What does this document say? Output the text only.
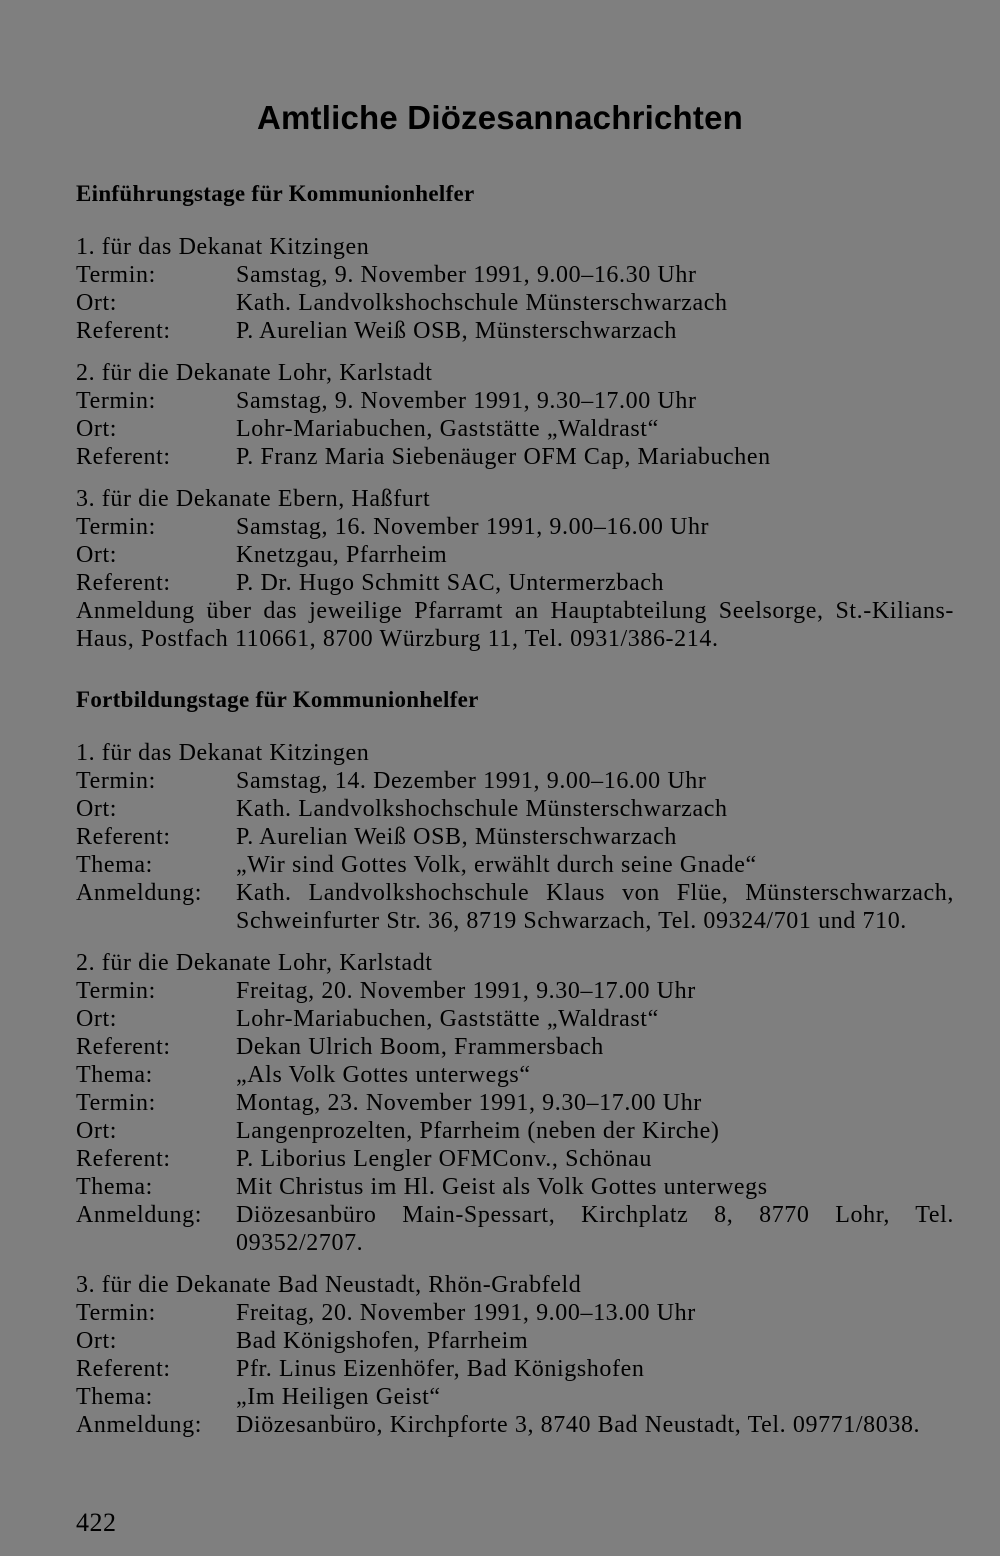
Amtliche Diözesannachrichten
Einführungstage für Kommunionhelfer
1. für das Dekanat Kitzingen
Termin:	Samstag, 9. November 1991, 9.00–16.30 Uhr
Ort:	Kath. Landvolkshochschule Münsterschwarzach
Referent:	P. Aurelian Weiß OSB, Münsterschwarzach
2. für die Dekanate Lohr, Karlstadt
Termin:	Samstag, 9. November 1991, 9.30–17.00 Uhr
Ort:	Lohr-Mariabuchen, Gaststätte „Waldrast“
Referent:	P. Franz Maria Siebenäuger OFM Cap, Mariabuchen
3. für die Dekanate Ebern, Haßfurt
Termin:	Samstag, 16. November 1991, 9.00–16.00 Uhr
Ort:	Knetzgau, Pfarrheim
Referent:	P. Dr. Hugo Schmitt SAC, Untermerzbach
Anmeldung über das jeweilige Pfarramt an Hauptabteilung Seelsorge, St.-Kilians-Haus, Postfach 110661, 8700 Würzburg 11, Tel. 0931/386-214.
Fortbildungstage für Kommunionhelfer
1. für das Dekanat Kitzingen
Termin:	Samstag, 14. Dezember 1991, 9.00–16.00 Uhr
Ort:	Kath. Landvolkshochschule Münsterschwarzach
Referent:	P. Aurelian Weiß OSB, Münsterschwarzach
Thema:	„Wir sind Gottes Volk, erwählt durch seine Gnade“
Anmeldung:	Kath. Landvolkshochschule Klaus von Flüe, Münsterschwarzach, Schweinfurter Str. 36, 8719 Schwarzach, Tel. 09324/701 und 710.
2. für die Dekanate Lohr, Karlstadt
Termin:	Freitag, 20. November 1991, 9.30–17.00 Uhr
Ort:	Lohr-Mariabuchen, Gaststätte „Waldrast“
Referent:	Dekan Ulrich Boom, Frammersbach
Thema:	„Als Volk Gottes unterwegs“
Termin:	Montag, 23. November 1991, 9.30–17.00 Uhr
Ort:	Langenprozelten, Pfarrheim (neben der Kirche)
Referent:	P. Liborius Lengler OFMConv., Schönau
Thema:	Mit Christus im Hl. Geist als Volk Gottes unterwegs
Anmeldung:	Diözesanbüro Main-Spessart, Kirchplatz 8, 8770 Lohr, Tel. 09352/2707.
3. für die Dekanate Bad Neustadt, Rhön-Grabfeld
Termin:	Freitag, 20. November 1991, 9.00–13.00 Uhr
Ort:	Bad Königshofen, Pfarrheim
Referent:	Pfr. Linus Eizenhöfer, Bad Königshofen
Thema:	„Im Heiligen Geist“
Anmeldung:	Diözesanbüro, Kirchpforte 3, 8740 Bad Neustadt, Tel. 09771/8038.
422
